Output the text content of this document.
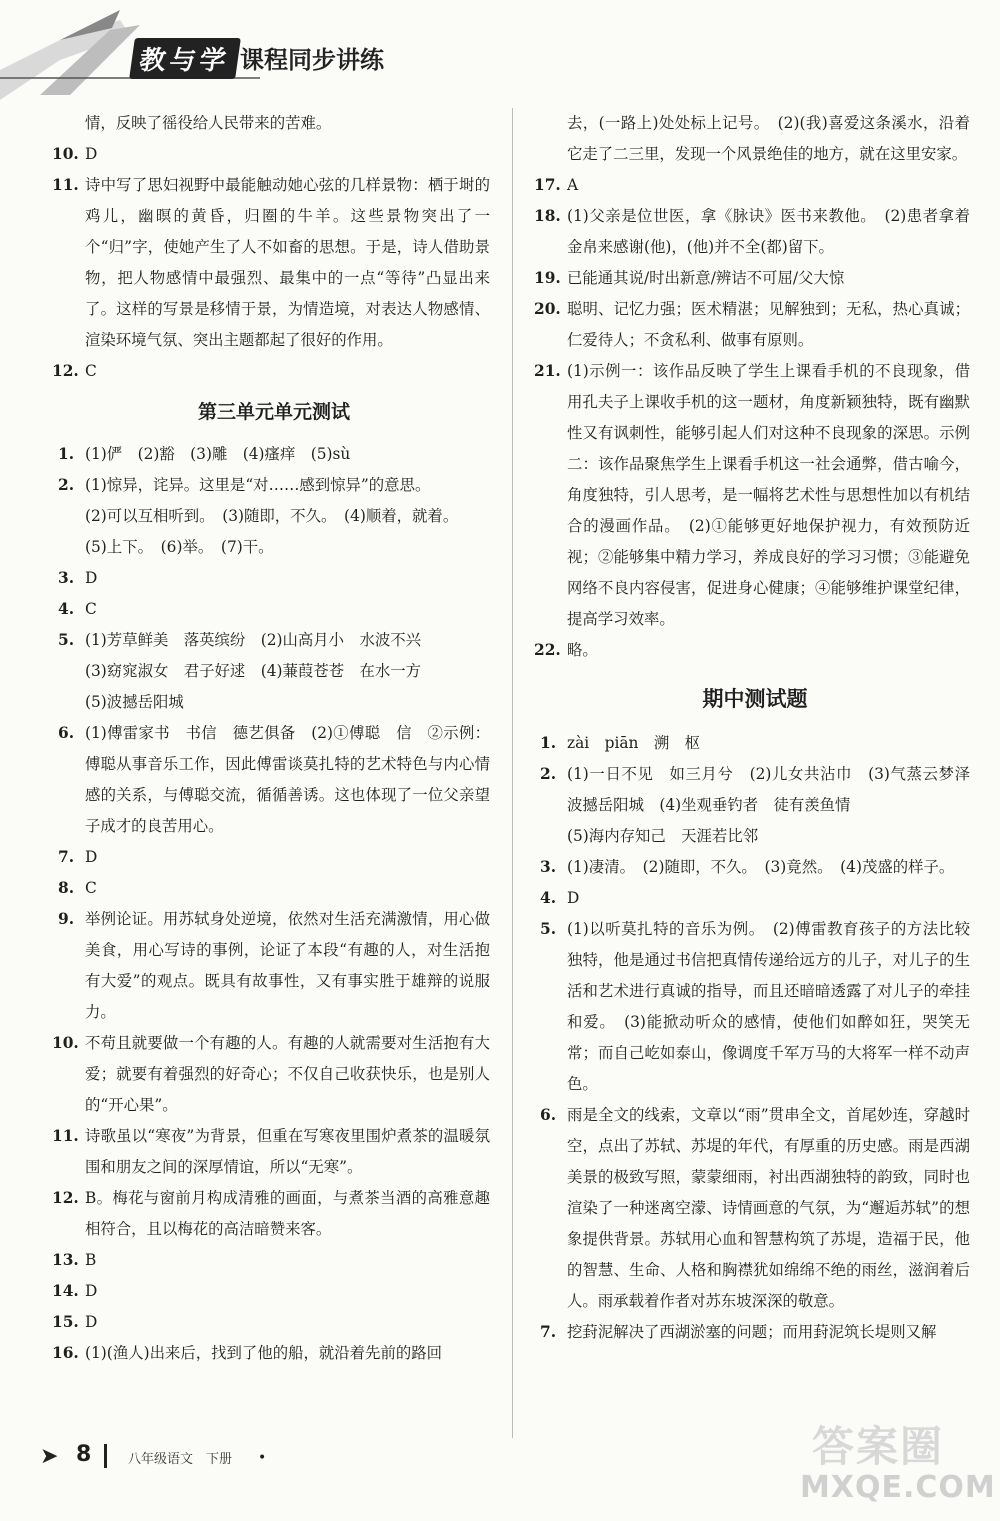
教与学 课程同步讲练
情，反映了徭役给人民带来的苦难。
10. D
11. 诗中写了思妇视野中最能触动她心弦的几样景物：栖于埘的鸡儿，幽暝的黄昏，归圈的牛羊。这些景物突出了一个“归”字，使她产生了人不如畜的思想。于是，诗人借助景物，把人物感情中最强烈、最集中的一点“等待”凸显出来了。这样的写景是移情于景，为情造境，对表达人物感情、渲染环境气氛、突出主题都起了很好的作用。
12. C
第三单元单元测试
1. (1)俨　(2)豁　(3)雕　(4)瘙痒　(5)sù
2. (1)惊异，诧异。这里是“对……感到惊异”的意思。
(2)可以互相听到。　(3)随即，不久。　(4)顺着，就着。
(5)上下。　(6)举。　(7)干。
3. D
4. C
5. (1)芳草鲜美　落英缤纷　(2)山高月小　水波不兴
(3)窈窕淑女　君子好逑　(4)蒹葭苍苍　在水一方
(5)波撼岳阳城
6. (1)傅雷家书　书信　德艺俱备　(2)①傅聪　信　②示例：傅聪从事音乐工作，因此傅雷谈莫扎特的艺术特色与内心情感的关系，与傅聪交流，循循善诱。这也体现了一位父亲望子成才的良苦用心。
7. D
8. C
9. 举例论证。用苏轼身处逆境，依然对生活充满激情，用心做美食，用心写诗的事例，论证了本段“有趣的人，对生活抱有大爱”的观点。既具有故事性，又有事实胜于雄辩的说服力。
10. 不苟且就要做一个有趣的人。有趣的人就需要对生活抱有大爱；就要有着强烈的好奇心；不仅自己收获快乐，也是别人的“开心果”。
11. 诗歌虽以“寒夜”为背景，但重在写寒夜里围炉煮茶的温暖氛围和朋友之间的深厚情谊，所以“无寒”。
12. B。梅花与窗前月构成清雅的画面，与煮茶当酒的高雅意趣相符合，且以梅花的高洁暗赞来客。
13. B
14. D
15. D
16. (1)(渔人)出来后，找到了他的船，就沿着先前的路回
去，(一路上)处处标上记号。　(2)(我)喜爱这条溪水，沿着它走了二三里，发现一个风景绝佳的地方，就在这里安家。
17. A
18. (1)父亲是位世医，拿《脉诀》医书来教他。　(2)患者拿着金帛来感谢(他)，(他)并不全(都)留下。
19. 已能通其说/时出新意/辨诘不可屈/父大惊
20. 聪明、记忆力强；医术精湛；见解独到；无私，热心真诚；仁爱待人；不贪私利、做事有原则。
21. (1)示例一：该作品反映了学生上课看手机的不良现象，借用孔夫子上课收手机的这一题材，角度新颖独特，既有幽默性又有讽刺性，能够引起人们对这种不良现象的深思。示例二：该作品聚焦学生上课看手机这一社会通弊，借古喻今，角度独特，引人思考，是一幅将艺术性与思想性加以有机结合的漫画作品。　(2)①能够更好地保护视力，有效预防近视；②能够集中精力学习，养成良好的学习习惯；③能避免网络不良内容侵害，促进身心健康；④能够维护课堂纪律，提高学习效率。
22. 略。
期中测试题
1. zài　piān　溯　枢
2. (1)一日不见　如三月兮　(2)儿女共沾巾　(3)气蒸云梦泽　波撼岳阳城　(4)坐观垂钓者　徒有羡鱼情
(5)海内存知己　天涯若比邻
3. (1)凄清。　(2)随即，不久。　(3)竟然。　(4)茂盛的样子。
4. D
5. (1)以听莫扎特的音乐为例。　(2)傅雷教育孩子的方法比较独特，他是通过书信把真情传递给远方的儿子，对儿子的生活和艺术进行真诚的指导，而且还暗暗透露了对儿子的牵挂和爱。　(3)能掀动听众的感情，使他们如醉如狂，哭笑无常；而自己屹如泰山，像调度千军万马的大将军一样不动声色。
6. 雨是全文的线索，文章以“雨”贯串全文，首尾妙连，穿越时空，点出了苏轼、苏堤的年代，有厚重的历史感。雨是西湖美景的极致写照，蒙蒙细雨，衬出西湖独特的韵致，同时也渲染了一种迷离空濛、诗情画意的气氛，为“邂逅苏轼”的想象提供背景。苏轼用心血和智慧构筑了苏堤，造福于民，他的智慧、生命、人格和胸襟犹如绵绵不绝的雨丝，滋润着后人。雨承载着作者对苏东坡深深的敬意。
7. 挖葑泥解决了西湖淤塞的问题；而用葑泥筑长堤则又解
➤ 8	八年级语文　下册 •	答案圈
MXQE.COM
